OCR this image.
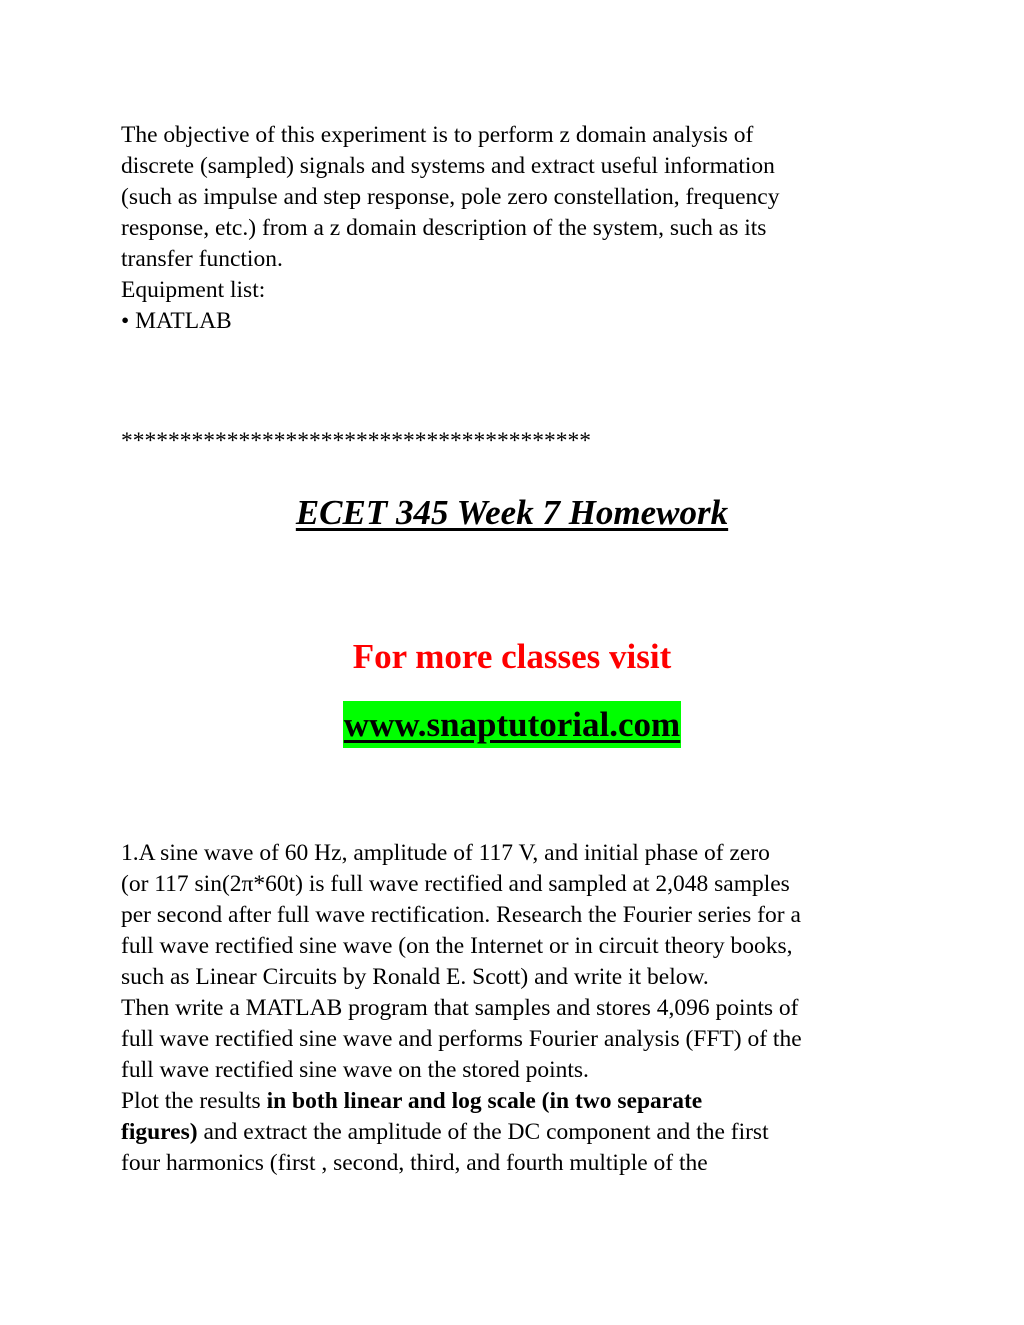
The objective of this experiment is to perform z domain analysis of
discrete (sampled) signals and systems and extract useful information
(such as impulse and step response, pole zero constellation, frequency
response, etc.) from a z domain description of the system, such as its
transfer function.
Equipment list:
• MATLAB
****************************************
ECET 345 Week 7 Homework
For more classes visit
www.snaptutorial.com
1.A sine wave of 60 Hz, amplitude of 117 V, and initial phase of zero
(or 117 sin(2π*60t) is full wave rectified and sampled at 2,048 samples
per second after full wave rectification. Research the Fourier series for a
full wave rectified sine wave (on the Internet or in circuit theory books,
such as Linear Circuits by Ronald E. Scott) and write it below.
Then write a MATLAB program that samples and stores 4,096 points of
full wave rectified sine wave and performs Fourier analysis (FFT) of the
full wave rectified sine wave on the stored points.
Plot the results in both linear and log scale (in two separate
figures) and extract the amplitude of the DC component and the first
four harmonics (first , second, third, and fourth multiple of the
